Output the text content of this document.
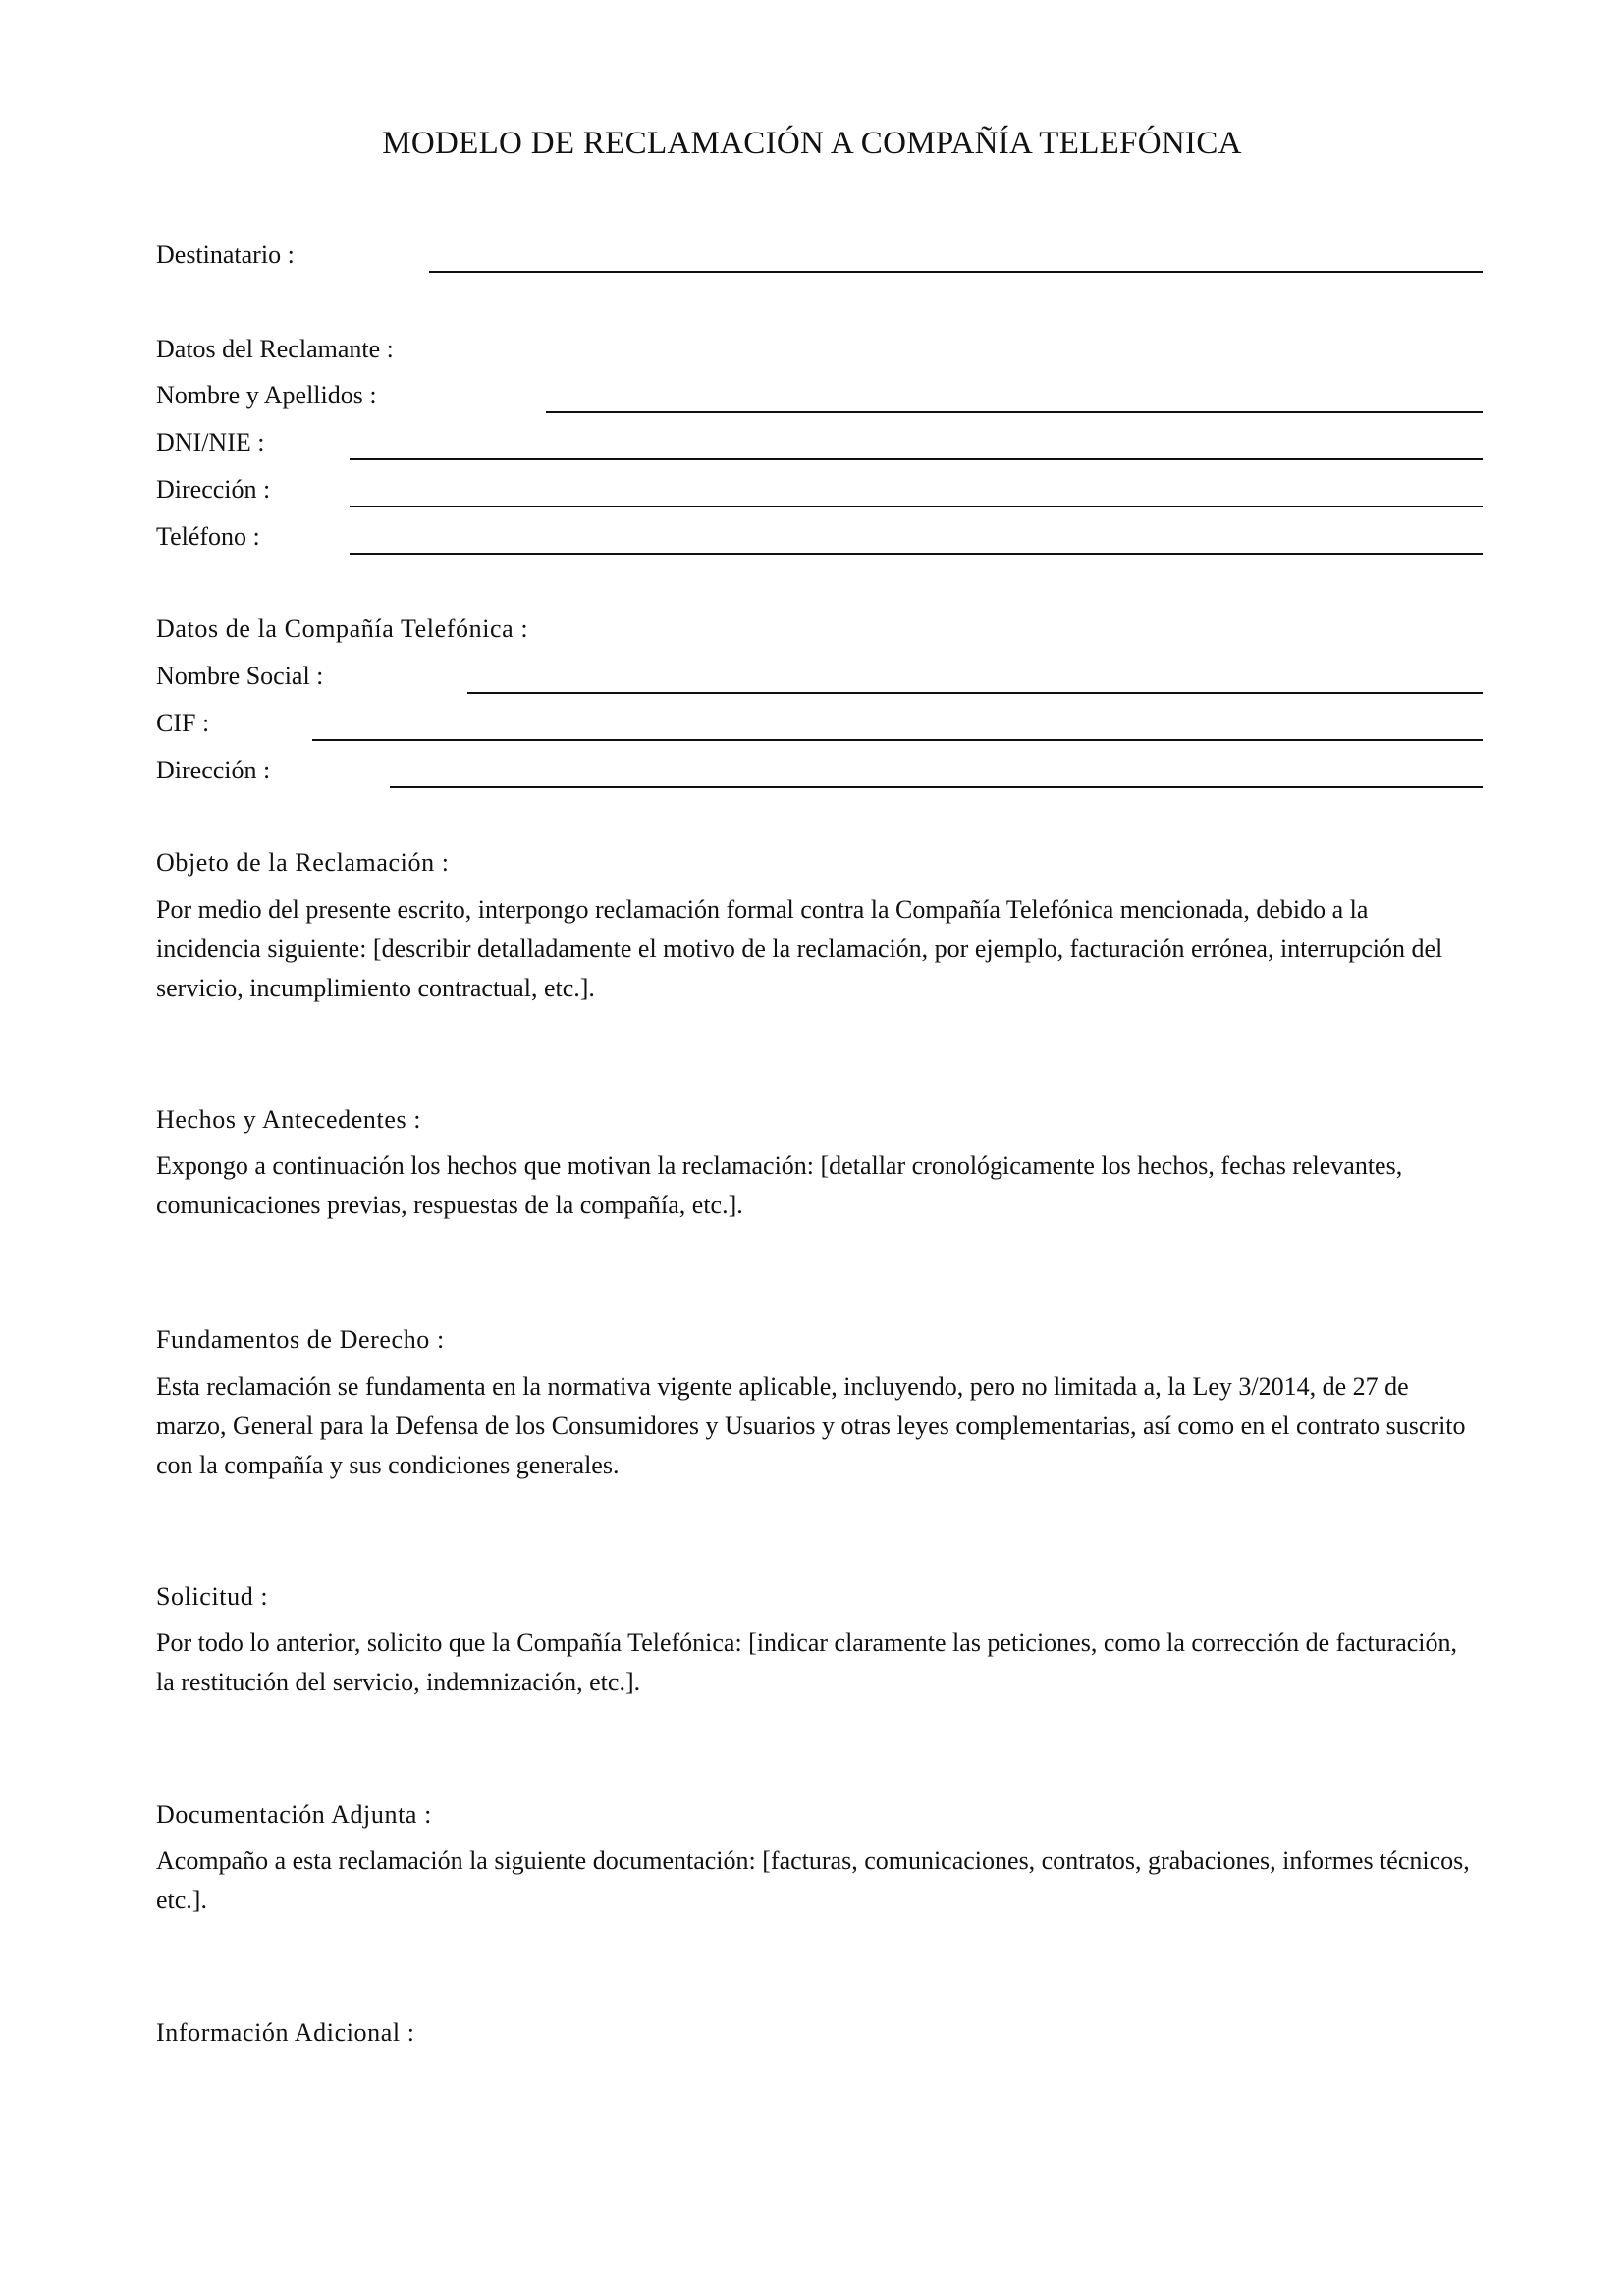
MODELO DE RECLAMACIÓN A COMPAÑÍA TELEFÓNICA
Destinatario :
Datos del Reclamante :
Nombre y Apellidos :
DNI/NIE :
Dirección :
Teléfono :
Datos de la Compañía Telefónica :
Nombre Social :
CIF :
Dirección :
Objeto de la Reclamación :
Por medio del presente escrito, interpongo reclamación formal contra la Compañía Telefónica mencionada, debido a la incidencia siguiente: [describir detalladamente el motivo de la reclamación, por ejemplo, facturación errónea, interrupción del servicio, incumplimiento contractual, etc.].
Hechos y Antecedentes :
Expongo a continuación los hechos que motivan la reclamación: [detallar cronológicamente los hechos, fechas relevantes, comunicaciones previas, respuestas de la compañía, etc.].
Fundamentos de Derecho :
Esta reclamación se fundamenta en la normativa vigente aplicable, incluyendo, pero no limitada a, la Ley 3/2014, de 27 de marzo, General para la Defensa de los Consumidores y Usuarios y otras leyes complementarias, así como en el contrato suscrito con la compañía y sus condiciones generales.
Solicitud :
Por todo lo anterior, solicito que la Compañía Telefónica: [indicar claramente las peticiones, como la corrección de facturación, la restitución del servicio, indemnización, etc.].
Documentación Adjunta :
Acompaño a esta reclamación la siguiente documentación: [facturas, comunicaciones, contratos, grabaciones, informes técnicos, etc.].
Información Adicional :
